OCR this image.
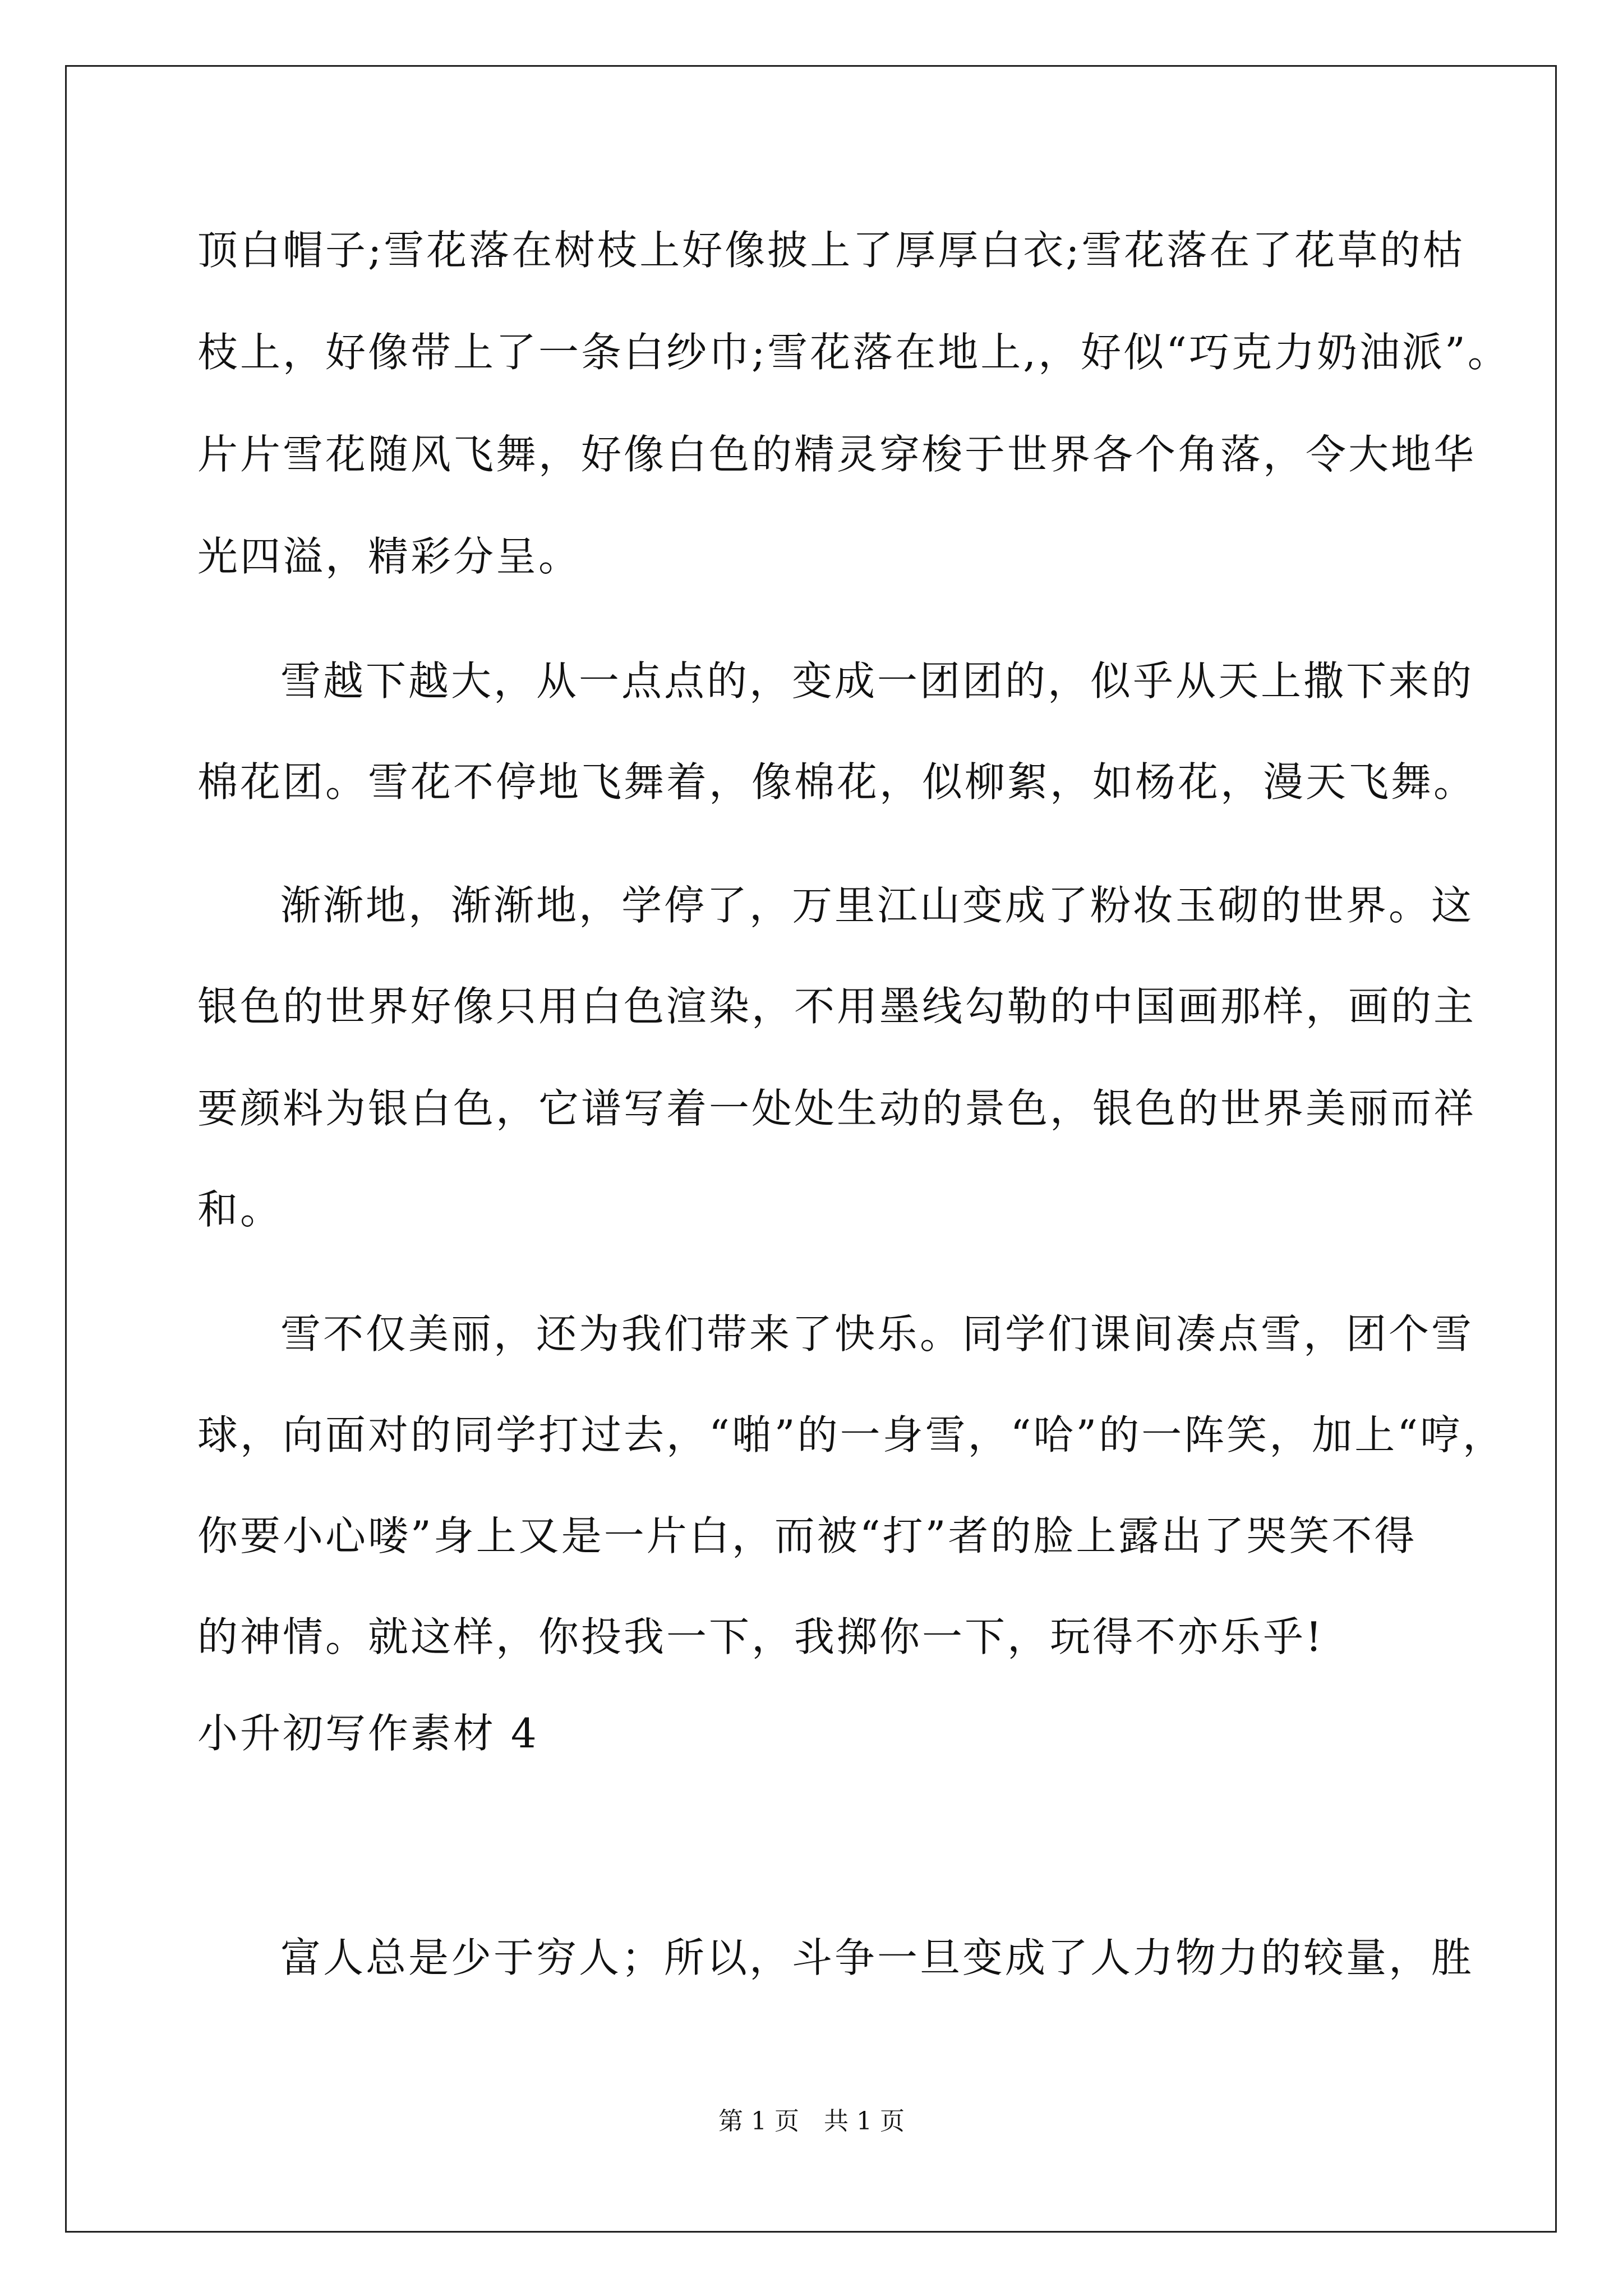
顶白帽子;雪花落在树枝上好像披上了厚厚白衣;雪花落在了花草的枯
枝上，好像带上了一条白纱巾;雪花落在地上,，好似“巧克力奶油派”。
片片雪花随风飞舞，好像白色的精灵穿梭于世界各个角落，令大地华
光四溢，精彩分呈。
雪越下越大，从一点点的，变成一团团的，似乎从天上撒下来的
棉花团。雪花不停地飞舞着，像棉花，似柳絮，如杨花，漫天飞舞。
渐渐地，渐渐地，学停了，万里江山变成了粉妆玉砌的世界。这
银色的世界好像只用白色渲染，不用墨线勾勒的中国画那样，画的主
要颜料为银白色，它谱写着一处处生动的景色，银色的世界美丽而祥
和。
雪不仅美丽，还为我们带来了快乐。同学们课间凑点雪，团个雪
球，向面对的同学打过去，“啪”的一身雪，“哈”的一阵笑，加上“哼，
你要小心喽”身上又是一片白，而被“打”者的脸上露出了哭笑不得
的神情。就这样，你投我一下，我掷你一下，玩得不亦乐乎!
小升初写作素材 4
富人总是少于穷人；所以，斗争一旦变成了人力物力的较量，胜
第 1 页　共 1 页
